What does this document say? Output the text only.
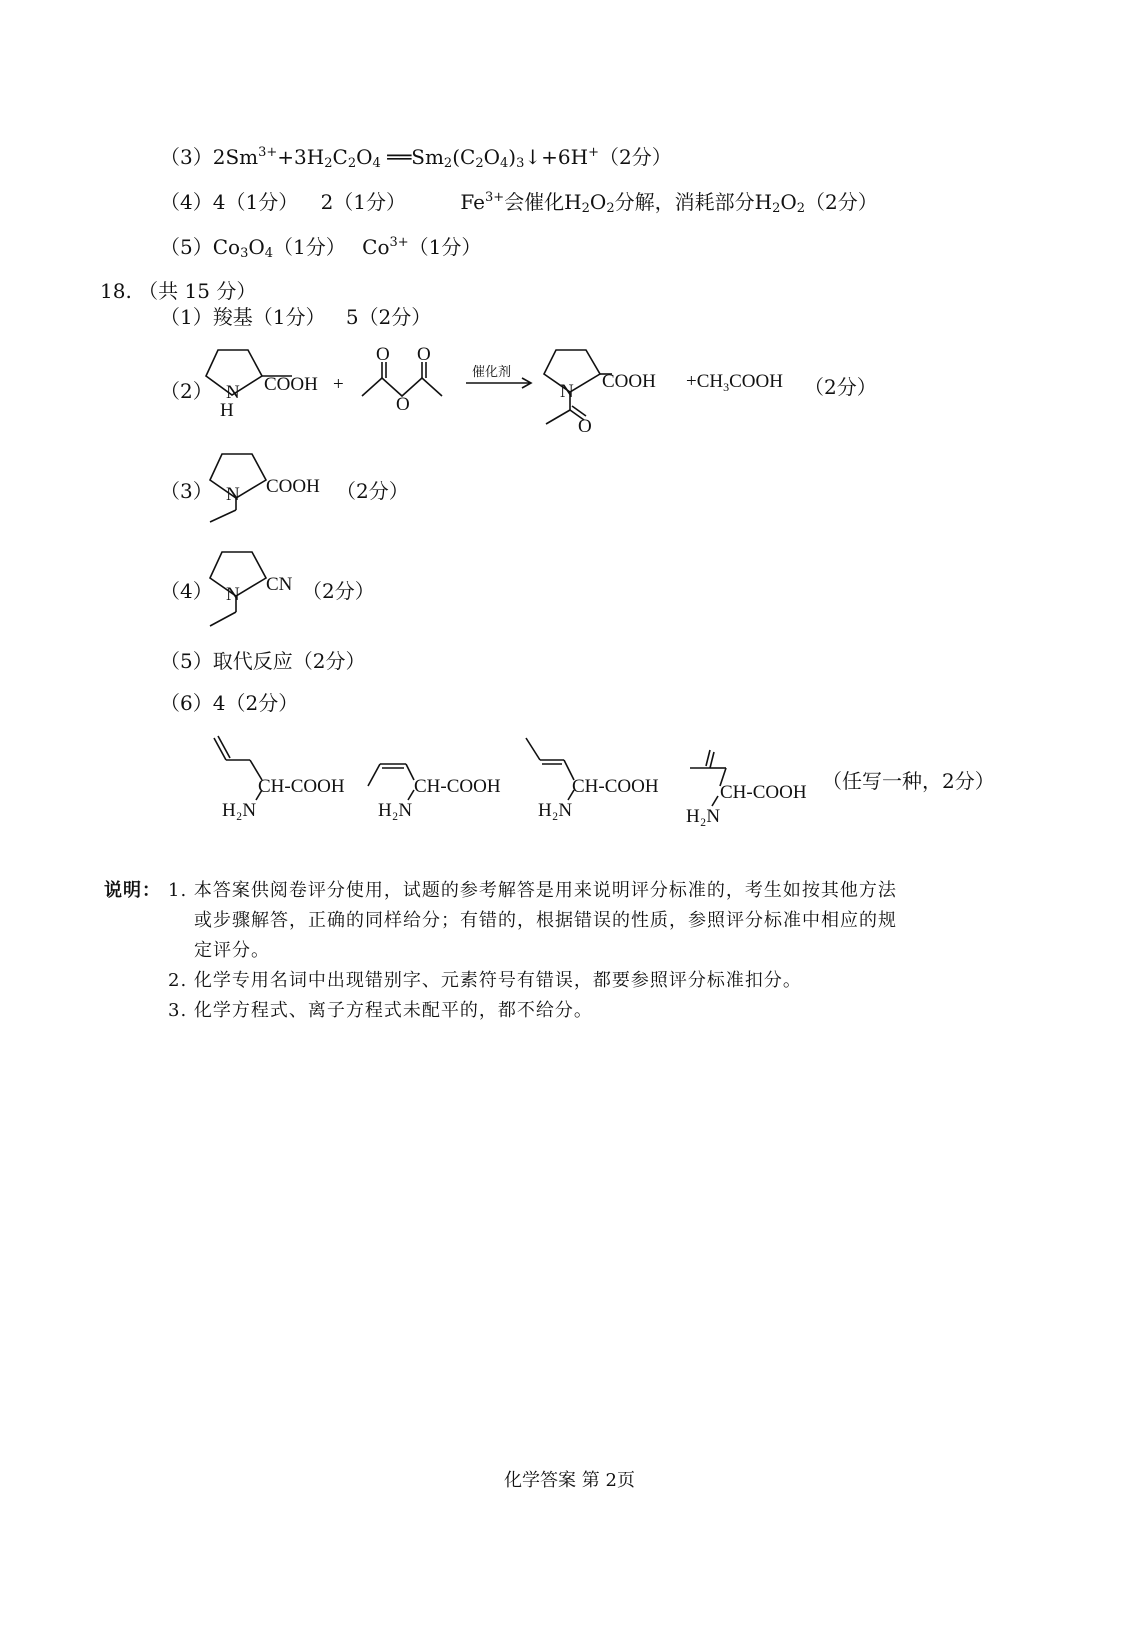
$(3)2Sm^{3+}+3H_2C_2O_4$ $══Sm_2(C_2O_4)_3↓+6H^+(2$分）
（4）4（1分） 2（1分）	$Fe^{3+}$会催化$H_2O_2$分解，消耗部分$H_2O_2(2$分）
$(5)Co_3O_4(1$分） $Co^{3+}(1$分）
18. （共 15 分）
（1）羧基（1分） 5（2分）
（2）	COOH
N
H
+
O
O
O
催化剂	COOH
N
O
$+CH_3COOH$ （2分）
（3）	COOH
N	（2分）
（4）	CN
N	（2分）
（5）取代反应（2分）
（6）4（2分）
CH-COOH
H₂N
CH-COOH
H₂N
CH-COOH
H₂N
CH-COOH
H₂N
（任写一种，2分）
说明： 1. 本答案供阅卷评分使用，试题的参考解答是用来说明评分标准的，考生如按其他方法
或步骤解答，正确的同样给分；有错的，根据错误的性质，参照评分标准中相应的规
定评分。
2. 化学专用名词中出现错别字、元素符号有错误，都要参照评分标准扣分。
3. 化学方程式、离子方程式未配平的，都不给分。
化学答案 第 2页
